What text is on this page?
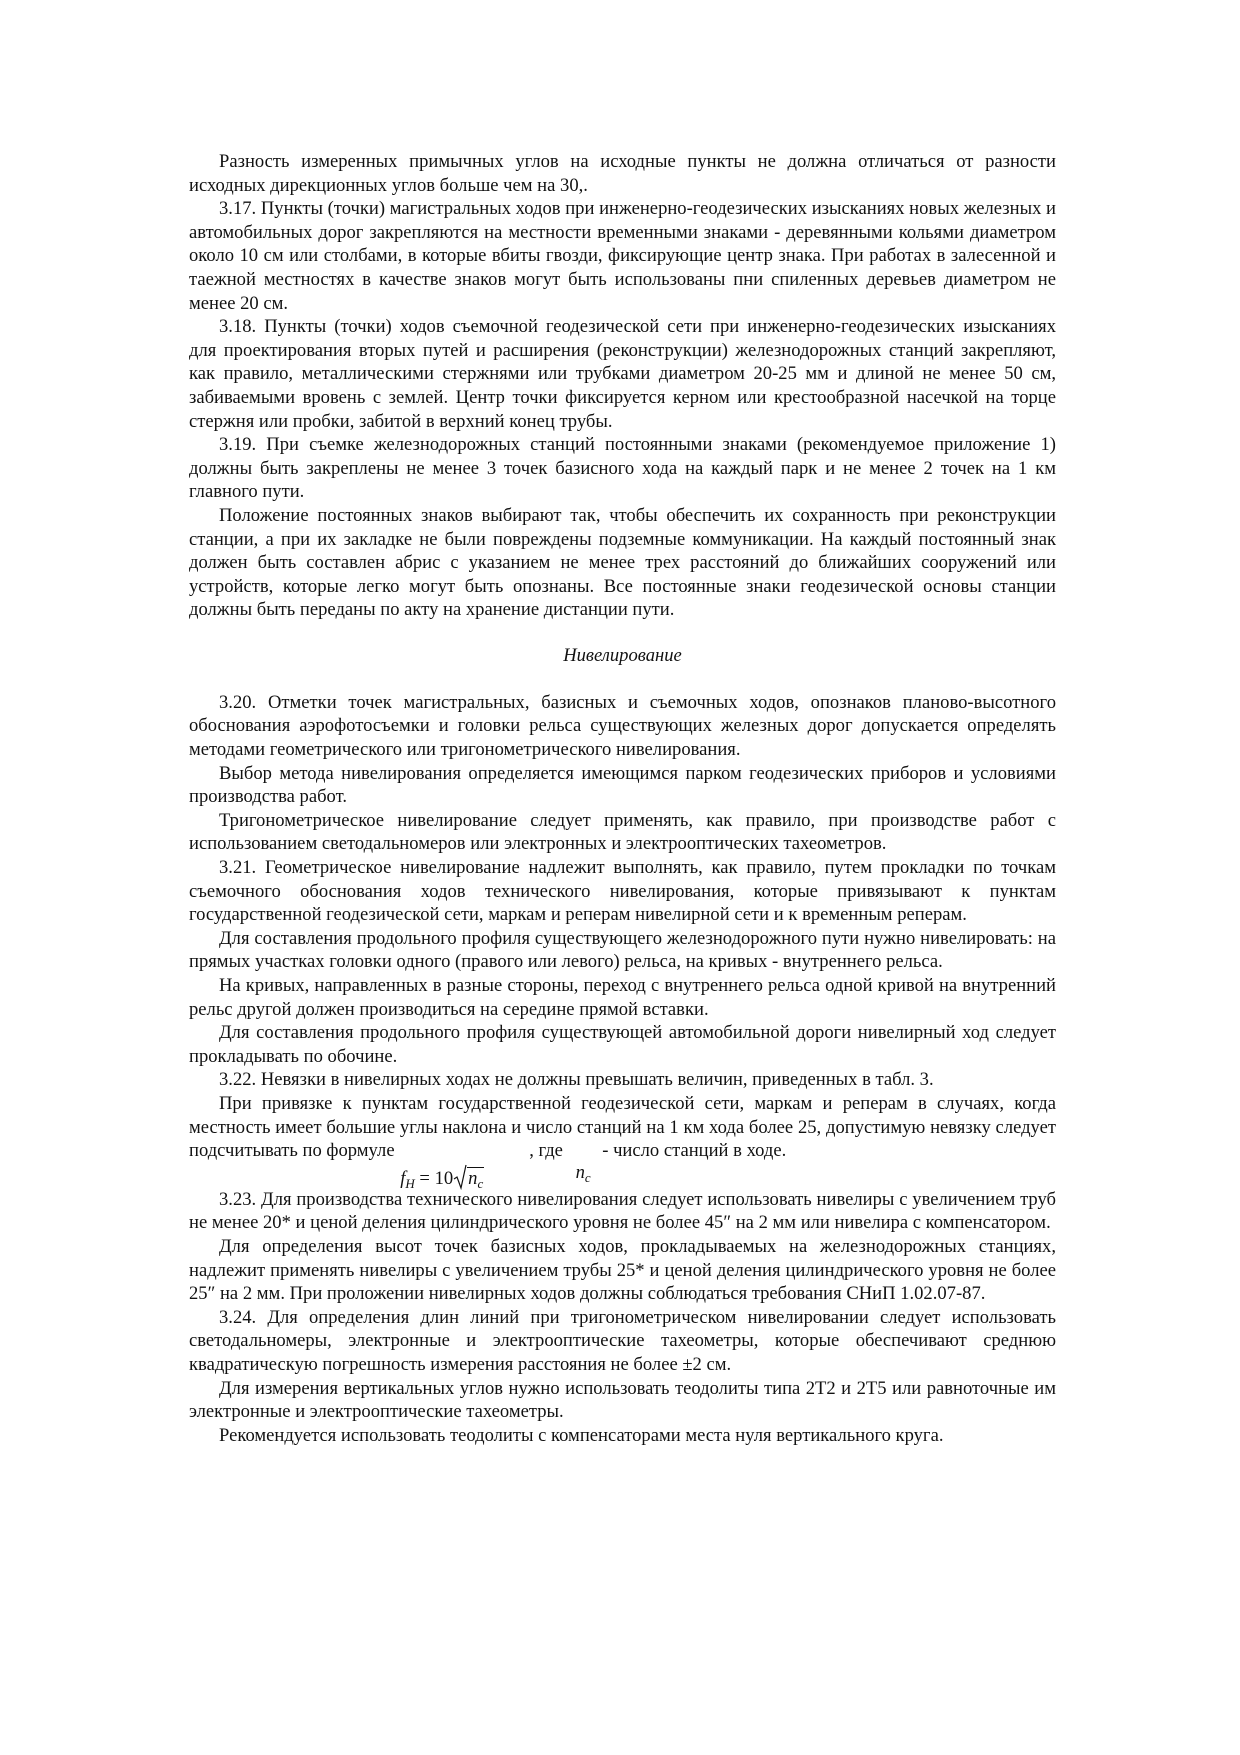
Разность измеренных примычных углов на исходные пункты не должна отличаться от разности исходных дирекционных углов больше чем на 30,.

3.17. Пункты (точки) магистральных ходов при инженерно-геодезических изысканиях новых железных и автомобильных дорог закрепляются на местности временными знаками - деревянными кольями диаметром около 10 см или столбами, в которые вбиты гвозди, фиксирующие центр знака. При работах в залесенной и таежной местностях в качестве знаков могут быть использованы пни спиленных деревьев диаметром не менее 20 см.

3.18. Пункты (точки) ходов съемочной геодезической сети при инженерно-геодезических изысканиях для проектирования вторых путей и расширения (реконструкции) железнодорожных станций закрепляют, как правило, металлическими стержнями или трубками диаметром 20-25 мм и длиной не менее 50 см, забиваемыми вровень с землей. Центр точки фиксируется керном или крестообразной насечкой на торце стержня или пробки, забитой в верхний конец трубы.

3.19. При съемке железнодорожных станций постоянными знаками (рекомендуемое приложение 1) должны быть закреплены не менее 3 точек базисного хода на каждый парк и не менее 2 точек на 1 км главного пути.

Положение постоянных знаков выбирают так, чтобы обеспечить их сохранность при реконструкции станции, а при их закладке не были повреждены подземные коммуникации. На каждый постоянный знак должен быть составлен абрис с указанием не менее трех расстояний до ближайших сооружений или устройств, которые легко могут быть опознаны. Все постоянные знаки геодезической основы станции должны быть переданы по акту на хранение дистанции пути.

Нивелирование

3.20. Отметки точек магистральных, базисных и съемочных ходов, опознаков планово-высотного обоснования аэрофотосъемки и головки рельса существующих железных дорог допускается определять методами геометрического или тригонометрического нивелирования.

Выбор метода нивелирования определяется имеющимся парком геодезических приборов и условиями производства работ.

Тригонометрическое нивелирование следует применять, как правило, при производстве работ с использованием светодальномеров или электронных и электрооптических тахеометров.

3.21. Геометрическое нивелирование надлежит выполнять, как правило, путем прокладки по точкам съемочного обоснования ходов технического нивелирования, которые привязывают к пунктам государственной геодезической сети, маркам и реперам нивелирной сети и к временным реперам.

Для составления продольного профиля существующего железнодорожного пути нужно нивелировать: на прямых участках головки одного (правого или левого) рельса, на кривых - внутреннего рельса.

На кривых, направленных в разные стороны, переход с внутреннего рельса одной кривой на внутренний рельс другой должен производиться на середине прямой вставки.

Для составления продольного профиля существующей автомобильной дороги нивелирный ход следует прокладывать по обочине.

3.22. Невязки в нивелирных ходах не должны превышать величин, приведенных в табл. 3.

При привязке к пунктам государственной геодезической сети, маркам и реперам в случаях, когда местность имеет большие углы наклона и число станций на 1 км хода более 25, допустимую невязку следует подсчитывать по формуле
$f_H = 10$ $n_c$
, где
$n_c$
- число станций в ходе.

3.23. Для производства технического нивелирования следует использовать нивелиры с увеличением труб не менее 20* и ценой деления цилиндрического уровня не более 45″ на 2 мм или нивелира с компенсатором.

Для определения высот точек базисных ходов, прокладываемых на железнодорожных станциях, надлежит применять нивелиры с увеличением трубы 25* и ценой деления цилиндрического уровня не более 25″ на 2 мм. При проложении нивелирных ходов должны соблюдаться требования СНиП 1.02.07-87.

3.24. Для определения длин линий при тригонометрическом нивелировании следует использовать светодальномеры, электронные и электрооптические тахеометры, которые обеспечивают среднюю квадратическую погрешность измерения расстояния не более ±2 см.

Для измерения вертикальных углов нужно использовать теодолиты типа 2Т2 и 2Т5 или равноточные им электронные и электрооптические тахеометры.

Рекомендуется использовать теодолиты с компенсаторами места нуля вертикального круга.
